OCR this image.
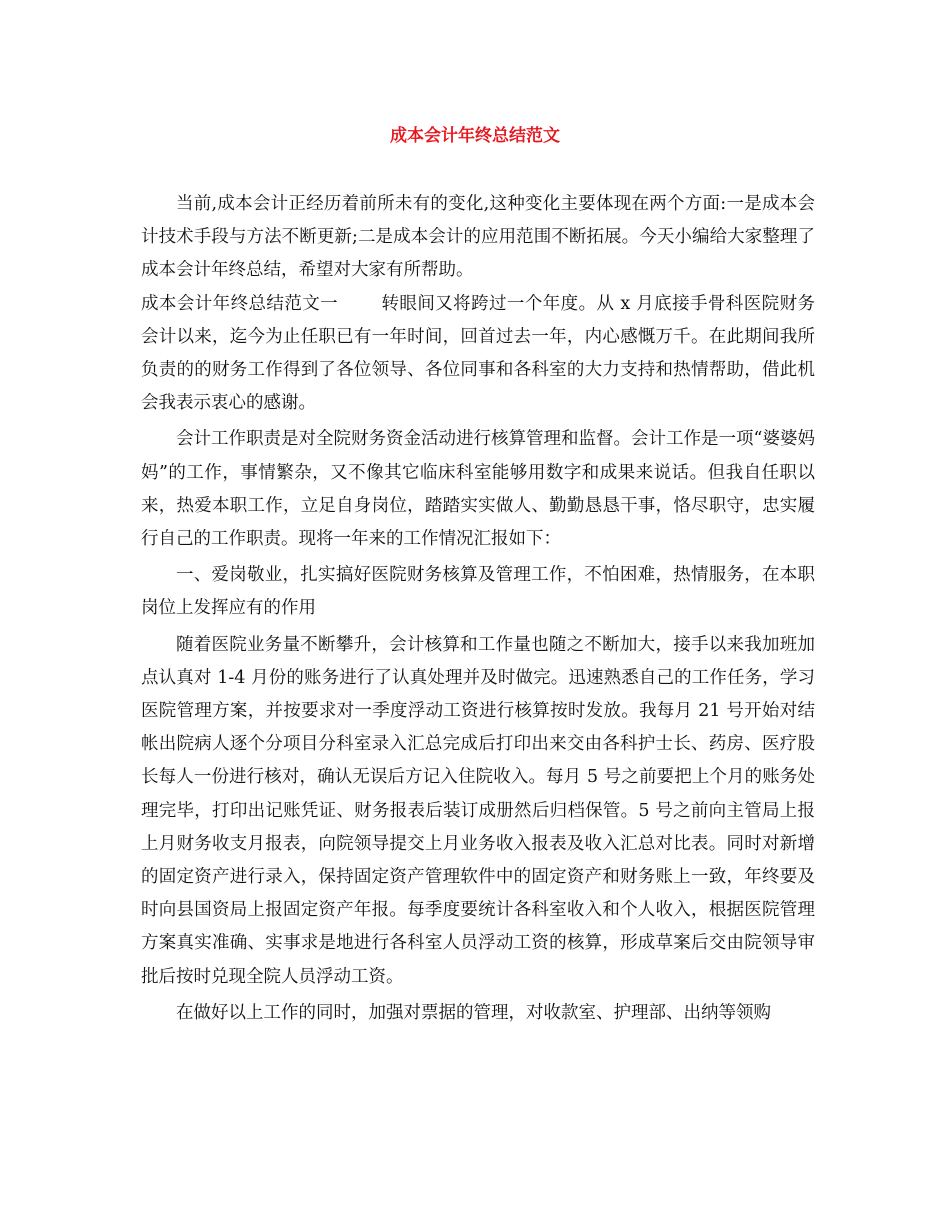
成本会计年终总结范文

当前,成本会计正经历着前所未有的变化,这种变化主要体现在两个方面:一是成本会计技术手段与方法不断更新;二是成本会计的应用范围不断拓展。今天小编给大家整理了成本会计年终总结，希望对大家有所帮助。

成本会计年终总结范文一 转眼间又将跨过一个年度。从 x 月底接手骨科医院财务会计以来，迄今为止任职已有一年时间，回首过去一年，内心感慨万千。在此期间我所负责的的财务工作得到了各位领导、各位同事和各科室的大力支持和热情帮助，借此机会我表示衷心的感谢。

会计工作职责是对全院财务资金活动进行核算管理和监督。会计工作是一项“婆婆妈妈”的工作，事情繁杂，又不像其它临床科室能够用数字和成果来说话。但我自任职以来，热爱本职工作，立足自身岗位，踏踏实实做人、勤勤恳恳干事，恪尽职守，忠实履行自己的工作职责。现将一年来的工作情况汇报如下：

一、爱岗敬业，扎实搞好医院财务核算及管理工作，不怕困难，热情服务，在本职岗位上发挥应有的作用

随着医院业务量不断攀升，会计核算和工作量也随之不断加大，接手以来我加班加点认真对 1-4 月份的账务进行了认真处理并及时做完。迅速熟悉自己的工作任务，学习医院管理方案，并按要求对一季度浮动工资进行核算按时发放。我每月 21 号开始对结帐出院病人逐个分项目分科室录入汇总完成后打印出来交由各科护士长、药房、医疗股长每人一份进行核对，确认无误后方记入住院收入。每月 5 号之前要把上个月的账务处理完毕，打印出记账凭证、财务报表后装订成册然后归档保管。5 号之前向主管局上报上月财务收支月报表，向院领导提交上月业务收入报表及收入汇总对比表。同时对新增的固定资产进行录入，保持固定资产管理软件中的固定资产和财务账上一致，年终要及时向县国资局上报固定资产年报。每季度要统计各科室收入和个人收入，根据医院管理方案真实准确、实事求是地进行各科室人员浮动工资的核算，形成草案后交由院领导审批后按时兑现全院人员浮动工资。

在做好以上工作的同时，加强对票据的管理，对收款室、护理部、出纳等领购
